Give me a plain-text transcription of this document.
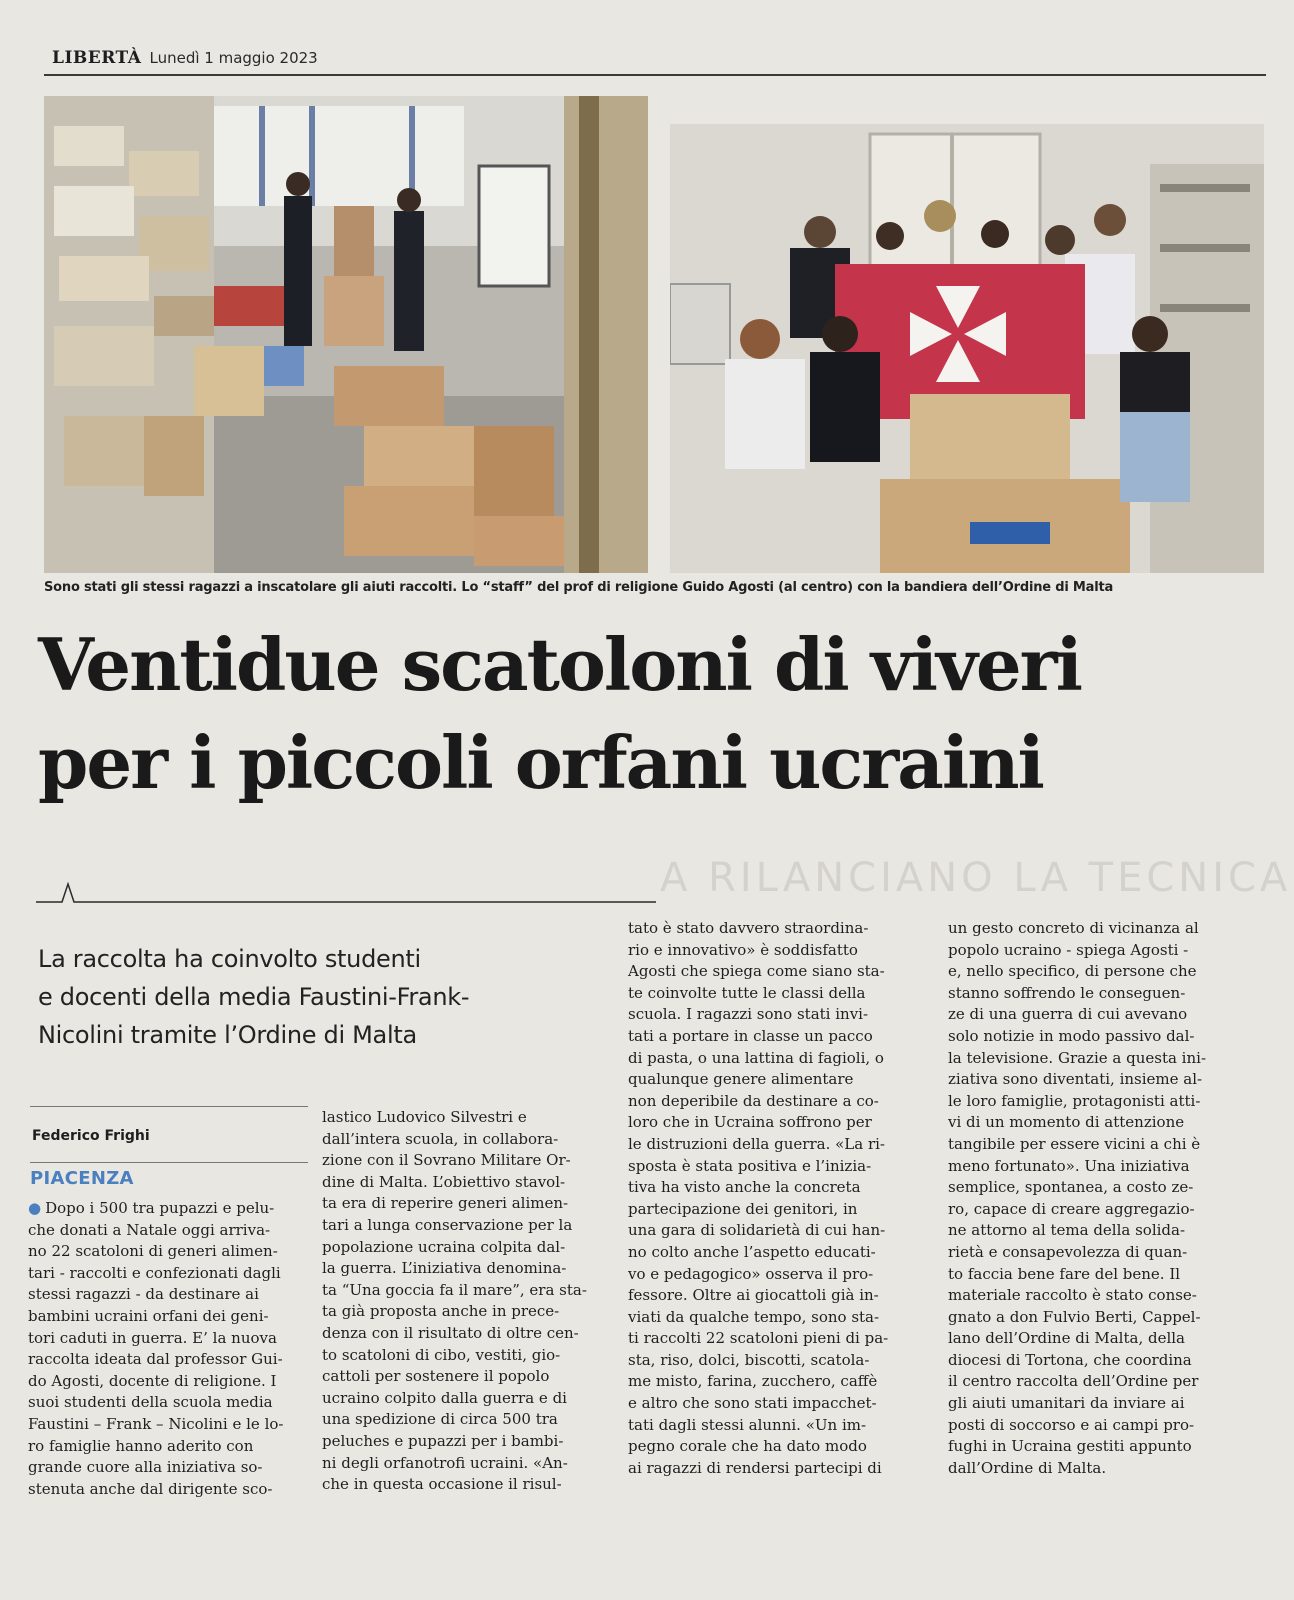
LIBERTÀ Lunedì 1 maggio 2023
Sono stati gli stessi ragazzi a inscatolare gli aiuti raccolti. Lo “staff” del prof di religione Guido Agosti (al centro) con la bandiera dell’Ordine di Malta
Ventidue scatoloni di viveri
per i piccoli orfani ucraini
A RILANCIANO LA TECNICA
La raccolta ha coinvolto studenti
e docenti della media Faustini-Frank-
Nicolini tramite l’Ordine di Malta
Federico Frighi
PIACENZA
● Dopo i 500 tra pupazzi e pelu-
che donati a Natale oggi arriva-
no 22 scatoloni di generi alimen-
tari - raccolti e confezionati dagli
stessi ragazzi - da destinare ai
bambini ucraini orfani dei geni-
tori caduti in guerra. E’ la nuova
raccolta ideata dal professor Gui-
do Agosti, docente di religione. I
suoi studenti della scuola media
Faustini – Frank – Nicolini e le lo-
ro famiglie hanno aderito con
grande cuore alla iniziativa so-
stenuta anche dal dirigente sco-
lastico Ludovico Silvestri e
dall’intera scuola, in collabora-
zione con il Sovrano Militare Or-
dine di Malta. L’obiettivo stavol-
ta era di reperire generi alimen-
tari a lunga conservazione per la
popolazione ucraina colpita dal-
la guerra. L’iniziativa denomina-
ta “Una goccia fa il mare”, era sta-
ta già proposta anche in prece-
denza con il risultato di oltre cen-
to scatoloni di cibo, vestiti, gio-
cattoli per sostenere il popolo
ucraino colpito dalla guerra e di
una spedizione di circa 500 tra
peluches e pupazzi per i bambi-
ni degli orfanotrofi ucraini. «An-
che in questa occasione il risul-
tato è stato davvero straordina-
rio e innovativo» è soddisfatto
Agosti che spiega come siano sta-
te coinvolte tutte le classi della
scuola. I ragazzi sono stati invi-
tati a portare in classe un pacco
di pasta, o una lattina di fagioli, o
qualunque genere alimentare
non deperibile da destinare a co-
loro che in Ucraina soffrono per
le distruzioni della guerra. «La ri-
sposta è stata positiva e l’inizia-
tiva ha visto anche la concreta
partecipazione dei genitori, in
una gara di solidarietà di cui han-
no colto anche l’aspetto educati-
vo e pedagogico» osserva il pro-
fessore. Oltre ai giocattoli già in-
viati da qualche tempo, sono sta-
ti raccolti 22 scatoloni pieni di pa-
sta, riso, dolci, biscotti, scatola-
me misto, farina, zucchero, caffè
e altro che sono stati impacchet-
tati dagli stessi alunni. «Un im-
pegno corale che ha dato modo
ai ragazzi di rendersi partecipi di
un gesto concreto di vicinanza al
popolo ucraino - spiega Agosti -
e, nello specifico, di persone che
stanno soffrendo le conseguen-
ze di una guerra di cui avevano
solo notizie in modo passivo dal-
la televisione. Grazie a questa ini-
ziativa sono diventati, insieme al-
le loro famiglie, protagonisti atti-
vi di un momento di attenzione
tangibile per essere vicini a chi è
meno fortunato». Una iniziativa
semplice, spontanea, a costo ze-
ro, capace di creare aggregazio-
ne attorno al tema della solida-
rietà e consapevolezza di quan-
to faccia bene fare del bene. Il
materiale raccolto è stato conse-
gnato a don Fulvio Berti, Cappel-
lano dell’Ordine di Malta, della
diocesi di Tortona, che coordina
il centro raccolta dell’Ordine per
gli aiuti umanitari da inviare ai
posti di soccorso e ai campi pro-
fughi in Ucraina gestiti appunto
dall’Ordine di Malta.
